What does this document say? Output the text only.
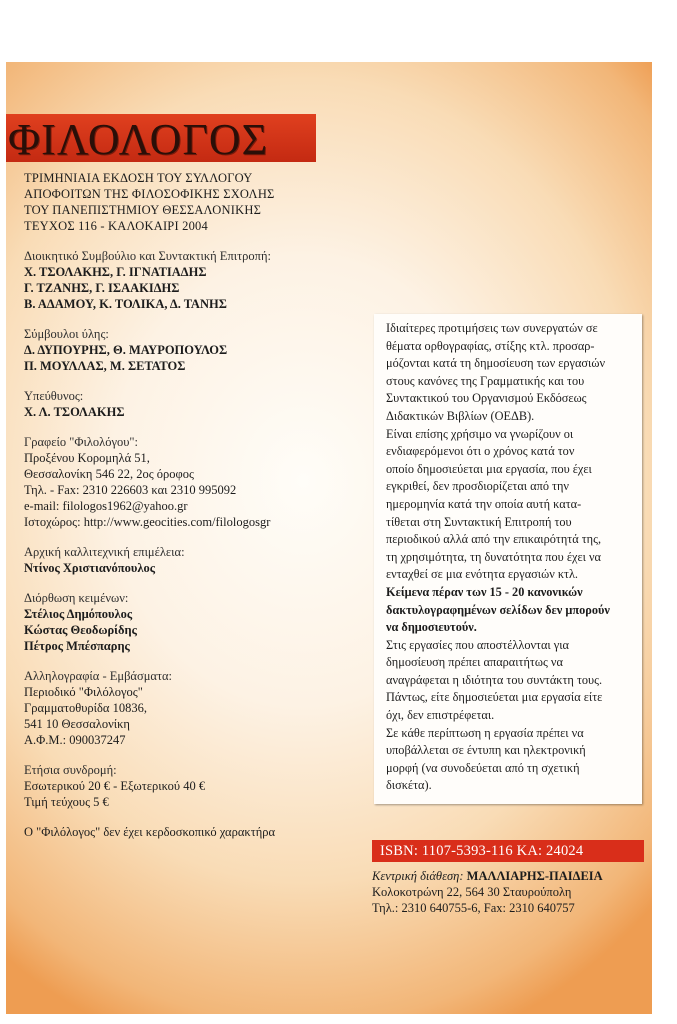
ΦΙΛΟΛΟΓΟΣ
ΤΡΙΜΗΝΙΑΙΑ ΕΚΔΟΣΗ ΤΟΥ ΣΥΛΛΟΓΟΥ
ΑΠΟΦΟΙΤΩΝ ΤΗΣ ΦΙΛΟΣΟΦΙΚΗΣ ΣΧΟΛΗΣ
ΤΟΥ ΠΑΝΕΠΙΣΤΗΜΙΟΥ ΘΕΣΣΑΛΟΝΙΚΗΣ
ΤΕΥΧΟΣ 116 - ΚΑΛΟΚΑΙΡΙ 2004
Διοικητικό Συμβούλιο και Συντακτική Επιτροπή:
Χ. ΤΣΟΛΑΚΗΣ, Γ. ΙΓΝΑΤΙΑΔΗΣ
Γ. ΤΖΑΝΗΣ, Γ. ΙΣΑΑΚΙΔΗΣ
Β. ΑΔΑΜΟΥ, Κ. ΤΟΛΙΚΑ, Δ. ΤΑΝΗΣ
Σύμβουλοι ύλης:
Δ. ΔΥΠΟΥΡΗΣ, Θ. ΜΑΥΡΟΠΟΥΛΟΣ
Π. ΜΟΥΛΛΑΣ, Μ. ΣΕΤΑΤΟΣ
Υπεύθυνος:
Χ. Λ. ΤΣΟΛΑΚΗΣ
Γραφείο "Φιλολόγου":
Προξένου Κορομηλά 51,
Θεσσαλονίκη 546 22, 2ος όροφος
Τηλ. - Fax: 2310 226603 και 2310 995092
e-mail: filologos1962@yahoo.gr
Ιστοχώρος: http://www.geocities.com/filologosgr
Αρχική καλλιτεχνική επιμέλεια:
Ντίνος Χριστιανόπουλος
Διόρθωση κειμένων:
Στέλιος Δημόπουλος
Κώστας Θεοδωρίδης
Πέτρος Μπέσπαρης
Αλληλογραφία - Εμβάσματα:
Περιοδικό "Φιλόλογος"
Γραμματοθυρίδα 10836,
541 10 Θεσσαλονίκη
Α.Φ.Μ.: 090037247
Ετήσια συνδρομή:
Εσωτερικού 20 € - Εξωτερικού 40 €
Τιμή τεύχους 5 €
Ο "Φιλόλογος" δεν έχει κερδοσκοπικό χαρακτήρα
Ιδιαίτερες προτιμήσεις των συνεργατών σε
θέματα ορθογραφίας, στίξης κτλ. προσαρ-
μόζονται κατά τη δημοσίευση των εργασιών
στους κανόνες της Γραμματικής και του
Συντακτικού του Οργανισμού Εκδόσεως
Διδακτικών Βιβλίων (ΟΕΔΒ).
Είναι επίσης χρήσιμο να γνωρίζουν οι
ενδιαφερόμενοι ότι ο χρόνος κατά τον
οποίο δημοσιεύεται μια εργασία, που έχει
εγκριθεί, δεν προσδιορίζεται από την
ημερομηνία κατά την οποία αυτή κατα-
τίθεται στη Συντακτική Επιτροπή του
περιοδικού αλλά από την επικαιρότητά της,
τη χρησιμότητα, τη δυνατότητα που έχει να
ενταχθεί σε μια ενότητα εργασιών κτλ.
Κείμενα πέραν των 15 - 20 κανονικών
δακτυλογραφημένων σελίδων δεν μπορούν
να δημοσιευτούν.
Στις εργασίες που αποστέλλονται για
δημοσίευση πρέπει απαραιτήτως να
αναγράφεται η ιδιότητα του συντάκτη τους.
Πάντως, είτε δημοσιεύεται μια εργασία είτε
όχι, δεν επιστρέφεται.
Σε κάθε περίπτωση η εργασία πρέπει να
υποβάλλεται σε έντυπη και ηλεκτρονική
μορφή (να συνοδεύεται από τη σχετική
δισκέτα).
ISBN: 1107-5393-116 ΚΑ: 24024
Κεντρική διάθεση: ΜΑΛΛΙΑΡΗΣ-ΠΑΙΔΕΙΑ
Κολοκοτρώνη 22, 564 30 Σταυρούπολη
Τηλ.: 2310 640755-6, Fax: 2310 640757
